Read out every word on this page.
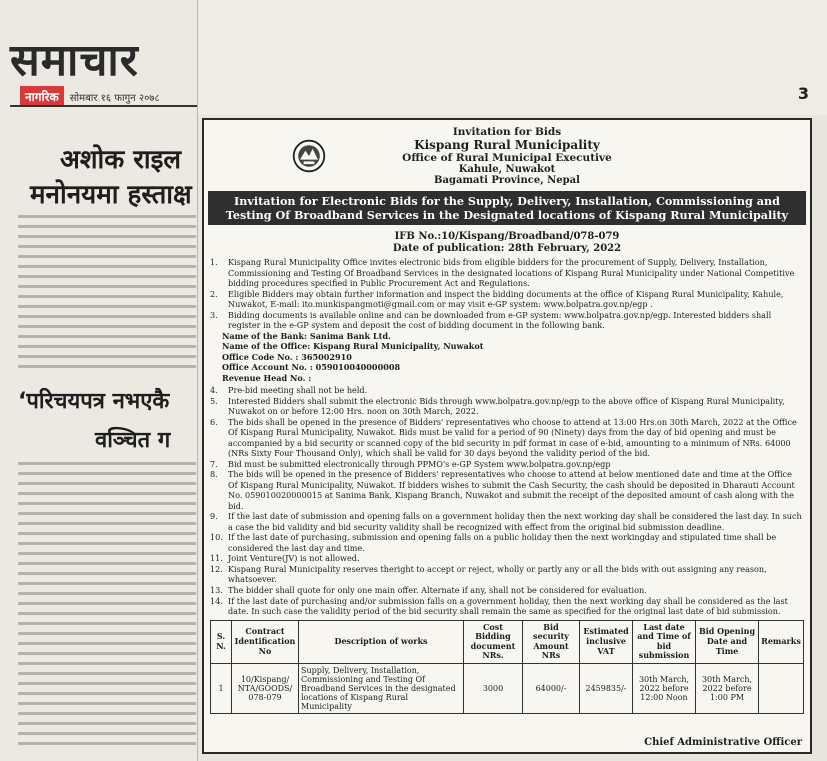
समाचार
नागरिक	सोमबार १६ फागुन २०७८
अशोक राइल
मनोनयमा हस्ताक्ष
‘परिचयपत्र नभएकै
वञ्चित ग
3
Invitation for Bids
Kispang Rural Municipality
Office of Rural Municipal Executive
Kahule, Nuwakot
Bagamati Province, Nepal
Invitation for Electronic Bids for the Supply, Delivery, Installation, Commissioning and Testing Of Broadband Services in the Designated locations of Kispang Rural Municipality
IFB No.:10/Kispang/Broadband/078-079
Date of publication: 28th February, 2022
1. Kispang Rural Municipality Office invites electronic bids from eligible bidders for the procurement of Supply, Delivery, Installation, Commissioning and Testing Of Broadband Services in the designated locations of Kispang Rural Municipality under National Competitive bidding procedures specified in Public Procurement Act and Regulations.
2. Eligible Bidders may obtain further information and inspect the bidding documents at the office of Kispang Rural Municipality, Kahule, Nuwakot, E-mail: ito.munkispangmoti@gmail.com or may visit e-GP system: www.bolpatra.gov.np/egp .
3. Bidding documents is available online and can be downloaded from e-GP system: www.bolpatra.gov.np/egp. Interested bidders shall register in the e-GP system and deposit the cost of bidding document in the following bank.
Name of the Bank: Sanima Bank Ltd.
Name of the Office: Kispang Rural Municipality, Nuwakot
Office Code No. : 365002910
Office Account No. : 059010040000008
Revenue Head No. :
4. Pre-bid meeting shall not be held.
5. Interested Bidders shall submit the electronic Bids through www.bolpatra.gov.np/egp to the above office of Kispang Rural Municipality, Nuwakot on or before 12:00 Hrs. noon on 30th March, 2022.
6. The bids shall be opened in the presence of Bidders' representatives who choose to attend at 13:00 Hrs.on 30th March, 2022 at the Office Of Kispang Rural Municipality, Nuwakot. Bids must be valid for a period of 90 (Ninety) days from the day of bid opening and must be accompanied by a bid security or scanned copy of the bid security in pdf format in case of e-bid, amounting to a minimum of NRs. 64000 (NRs Sixty Four Thousand Only), which shall be valid for 30 days beyond the validity period of the bid.
7. Bid must be submitted electronically through PPMO's e-GP System www.bolpatra.gov.np/egp
8. The bids will be opened in the presence of Bidders' representatives who choose to attend at below mentioned date and time at the Office Of Kispang Rural Municipality, Nuwakot. If bidders wishes to submit the Cash Security, the cash should be deposited in Dharauti Account No. 059010020000015 at Sanima Bank, Kispang Branch, Nuwakot and submit the receipt of the deposited amount of cash along with the bid.
9. If the last date of submission and opening falls on a government holiday then the next working day shall be considered the last day. In such a case the bid validity and bid security validity shall be recognized with effect from the original bid submission deadline.
10. If the last date of purchasing, submission and opening falls on a public holiday then the next workingday and stipulated time shall be considered the last day and time.
11. Joint Venture(JV) is not allowed.
12. Kispang Rural Municipality reserves theright to accept or reject, wholly or partly any or all the bids with out assigning any reason, whatsoever.
13. The bidder shall quote for only one main offer. Alternate if any, shall not be considered for evaluation.
14. If the last date of purchasing and/or submission falls on a government holiday, then the next working day shall be considered as the last date. In such case the validity period of the bid security shall remain the same as specified for the original last date of bid submission.
S. N.	Contract Identification No	Description of works	Cost Bidding document NRs.	Bid security Amount NRs	Estimated inclusive VAT	Last date and Time of bid submission	Bid Opening Date and Time	Remarks
1	10/Kispang/ NTA/GOODS/ 078-079	Supply, Delivery, Installation, Commissioning and Testing Of Broadband Services in the designated locations of Kispang Rural Municipality	3000	64000/-	2459835/-	30th March, 2022 before 12:00 Noon	30th March, 2022 before 1:00 PM	
Chief Administrative Officer
